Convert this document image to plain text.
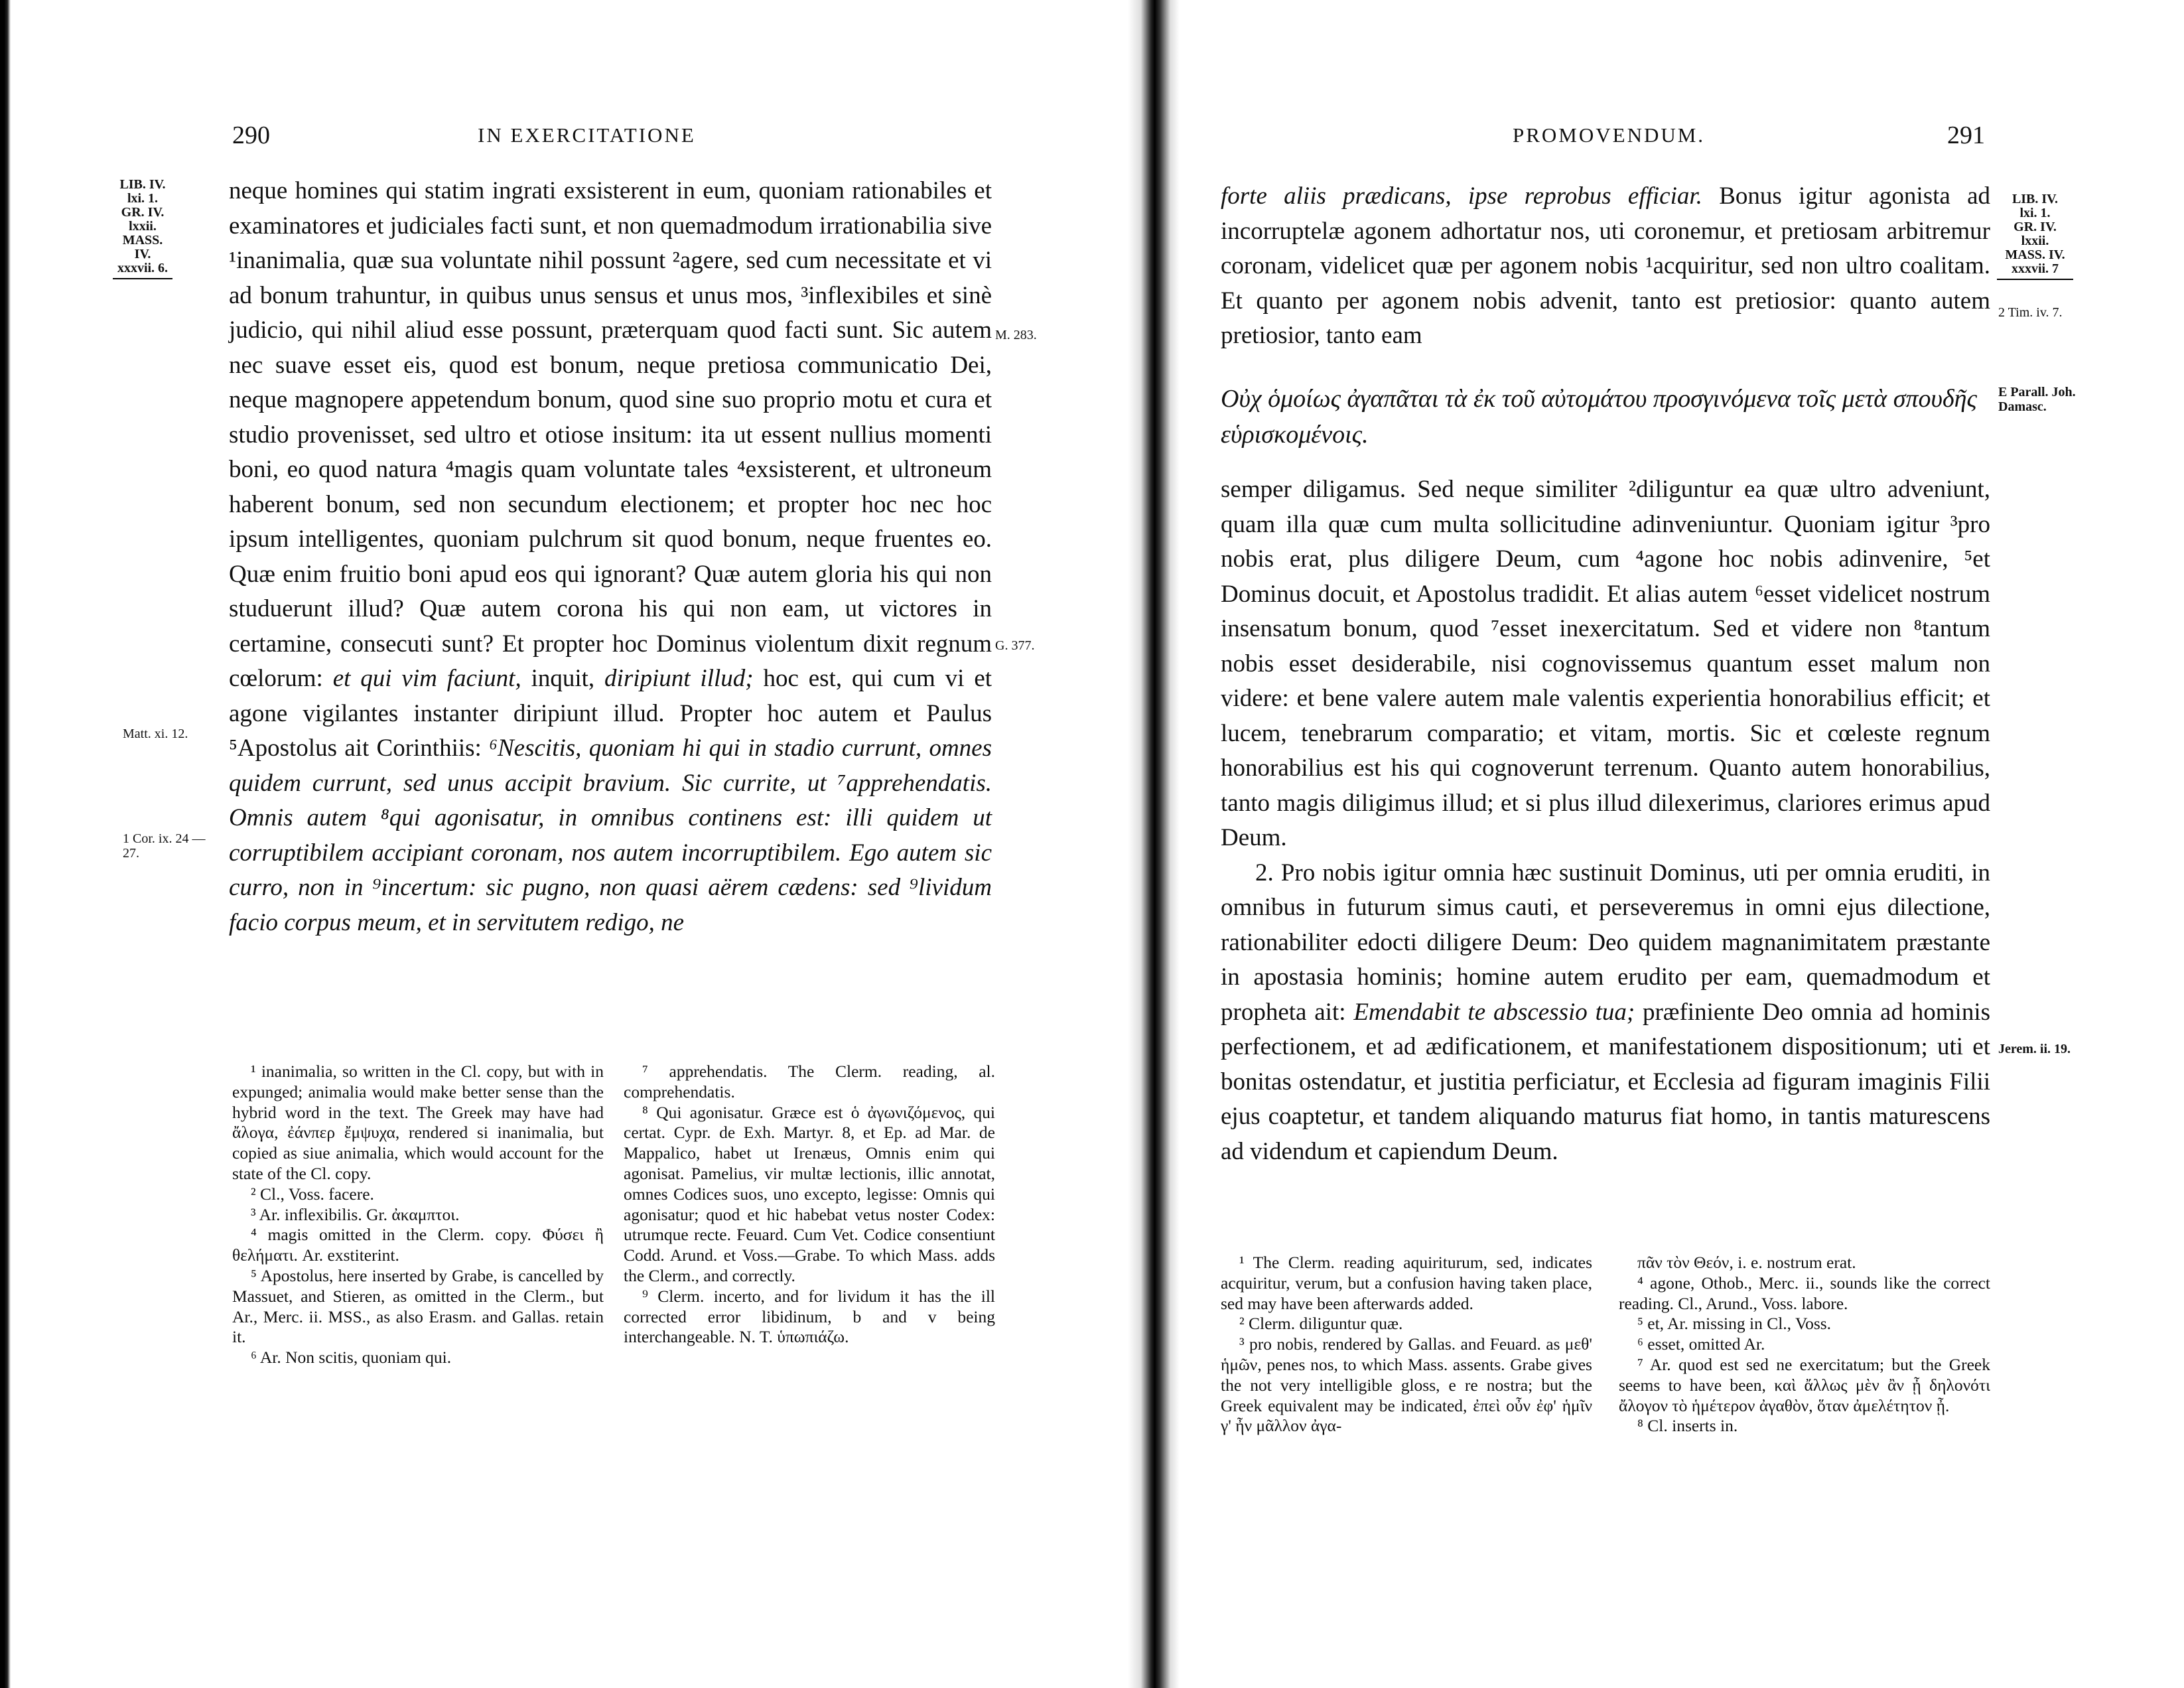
290	IN EXERCITATIONE
LIB. IV.
lxi. 1.
GR. IV.
lxxii.
MASS. IV.
xxxvii. 6.
M. 283.
G. 377.
Matt. xi. 12.
1 Cor. ix. 24 —27.

neque homines qui statim ingrati exsisterent in eum, quoniam rationabiles et examinatores et judiciales facti sunt, et non quemadmodum irrationabilia sive ¹inanimalia, quæ sua voluntate nihil possunt ²agere, sed cum necessitate et vi ad bonum trahuntur, in quibus unus sensus et unus mos, ³inflexibiles et sinè judicio, qui nihil aliud esse possunt, præterquam quod facti sunt. Sic autem nec suave esset eis, quod est bonum, neque pretiosa communicatio Dei, neque magnopere appetendum bonum, quod sine suo proprio motu et cura et studio provenisset, sed ultro et otiose insitum: ita ut essent nullius momenti boni, eo quod natura ⁴magis quam voluntate tales ⁴exsisterent, et ultroneum haberent bonum, sed non secundum electionem; et propter hoc nec hoc ipsum intelligentes, quoniam pulchrum sit quod bonum, neque fruentes eo. Quæ enim fruitio boni apud eos qui ignorant? Quæ autem gloria his qui non studuerunt illud? Quæ autem corona his qui non eam, ut victores in certamine, consecuti sunt? Et propter hoc Dominus violentum dixit regnum cœlorum: et qui vim faciunt, inquit, diripiunt illud; hoc est, qui cum vi et agone vigilantes instanter diripiunt illud. Propter hoc autem et Paulus ⁵Apostolus ait Corinthiis: ⁶Nescitis, quoniam hi qui in stadio currunt, omnes quidem currunt, sed unus accipit bravium. Sic currite, ut ⁷apprehendatis. Omnis autem ⁸qui agonisatur, in omnibus continens est: illi quidem ut corruptibilem accipiant coronam, nos autem incorruptibilem. Ego autem sic curro, non in ⁹incertum: sic pugno, non quasi aërem cædens: sed ⁹lividum facio corpus meum, et in servitutem redigo, ne

¹ inanimalia, so written in the Cl. copy, but with in expunged; animalia would make better sense than the hybrid word in the text. The Greek may have had ἄλογα, ἐάνπερ ἔμψυχα, rendered si inanimalia, but copied as siue animalia, which would account for the state of the Cl. copy.

² Cl., Voss. facere.

³ Ar. inflexibilis. Gr. ἀκαμπτοι.

⁴ magis omitted in the Clerm. copy. Φύσει ἢ θελήματι. Ar. exstiterint.

⁵ Apostolus, here inserted by Grabe, is cancelled by Massuet, and Stieren, as omitted in the Clerm., but Ar., Merc. ii. MSS., as also Erasm. and Gallas. retain it.

⁶ Ar. Non scitis, quoniam qui.

⁷ apprehendatis. The Clerm. reading, al. comprehendatis.

⁸ Qui agonisatur. Græce est ὁ ἀγωνιζόμενος, qui certat. Cypr. de Exh. Martyr. 8, et Ep. ad Mar. de Mappalico, habet ut Irenæus, Omnis enim qui agonisat. Pamelius, vir multæ lectionis, illic annotat, omnes Codices suos, uno excepto, legisse: Omnis qui agonisatur; quod et hic habebat vetus noster Codex: utrumque recte. Feuard. Cum Vet. Codice consentiunt Codd. Arund. et Voss.—Grabe. To which Mass. adds the Clerm., and correctly.

⁹ Clerm. incerto, and for lividum it has the ill corrected error libidinum, b and v being interchangeable. N. T. ὑπωπιάζω.

PROMOVENDUM.	291
LIB. IV.
lxi. 1.
GR. IV.
lxxii.
MASS. IV.
xxxvii. 7
2 Tim. iv. 7.
E Parall. Joh. Damasc.
Jerem. ii. 19.

forte aliis prædicans, ipse reprobus efficiar. Bonus igitur agonista ad incorruptelæ agonem adhortatur nos, uti coronemur, et pretiosam arbitremur coronam, videlicet quæ per agonem nobis ¹acquiritur, sed non ultro coalitam. Et quanto per agonem nobis advenit, tanto est pretiosior: quanto autem pretiosior, tanto eam

Οὐχ ὁμοίως ἀγαπᾶται τὰ ἐκ τοῦ αὐτομάτου προσγινόμενα τοῖς μετὰ σπουδῆς εὑρισκομένοις.

semper diligamus. Sed neque similiter ²diliguntur ea quæ ultro adveniunt, quam illa quæ cum multa sollicitudine adinveniuntur. Quoniam igitur ³pro nobis erat, plus diligere Deum, cum ⁴agone hoc nobis adinvenire, ⁵et Dominus docuit, et Apostolus tradidit. Et alias autem ⁶esset videlicet nostrum insensatum bonum, quod ⁷esset inexercitatum. Sed et videre non ⁸tantum nobis esset desiderabile, nisi cognovissemus quantum esset malum non videre: et bene valere autem male valentis experientia honorabilius efficit; et lucem, tenebrarum comparatio; et vitam, mortis. Sic et cœleste regnum honorabilius est his qui cognoverunt terrenum. Quanto autem honorabilius, tanto magis diligimus illud; et si plus illud dilexerimus, clariores erimus apud Deum.

2. Pro nobis igitur omnia hæc sustinuit Dominus, uti per omnia eruditi, in omnibus in futurum simus cauti, et perseveremus in omni ejus dilectione, rationabiliter edocti diligere Deum: Deo quidem magnanimitatem præstante in apostasia hominis; homine autem erudito per eam, quemadmodum et propheta ait: Emendabit te abscessio tua; præfiniente Deo omnia ad hominis perfectionem, et ad ædificationem, et manifestationem dispositionum; uti et bonitas ostendatur, et justitia perficiatur, et Ecclesia ad figuram imaginis Filii ejus coaptetur, et tandem aliquando maturus fiat homo, in tantis maturescens ad videndum et capiendum Deum.

¹ The Clerm. reading aquiriturum, sed, indicates acquiritur, verum, but a confusion having taken place, sed may have been afterwards added.

² Clerm. diliguntur quæ.

³ pro nobis, rendered by Gallas. and Feuard. as μεθ' ἡμῶν, penes nos, to which Mass. assents. Grabe gives the not very intelligible gloss, e re nostra; but the Greek equivalent may be indicated, ἐπεὶ οὖν ἐφ' ἡμῖν γ' ἦν μᾶλλον ἀγα-

πᾶν τὸν Θεόν, i. e. nostrum erat.

⁴ agone, Othob., Merc. ii., sounds like the correct reading. Cl., Arund., Voss. labore.

⁵ et, Ar. missing in Cl., Voss.

⁶ esset, omitted Ar.

⁷ Ar. quod est sed ne exercitatum; but the Greek seems to have been, καὶ ἄλλως μὲν ἂν ᾖ δηλονότι ἄλογον τὸ ἡμέτερον ἀγαθὸν, ὅταν ἀμελέτητον ᾖ.

⁸ Cl. inserts in.
